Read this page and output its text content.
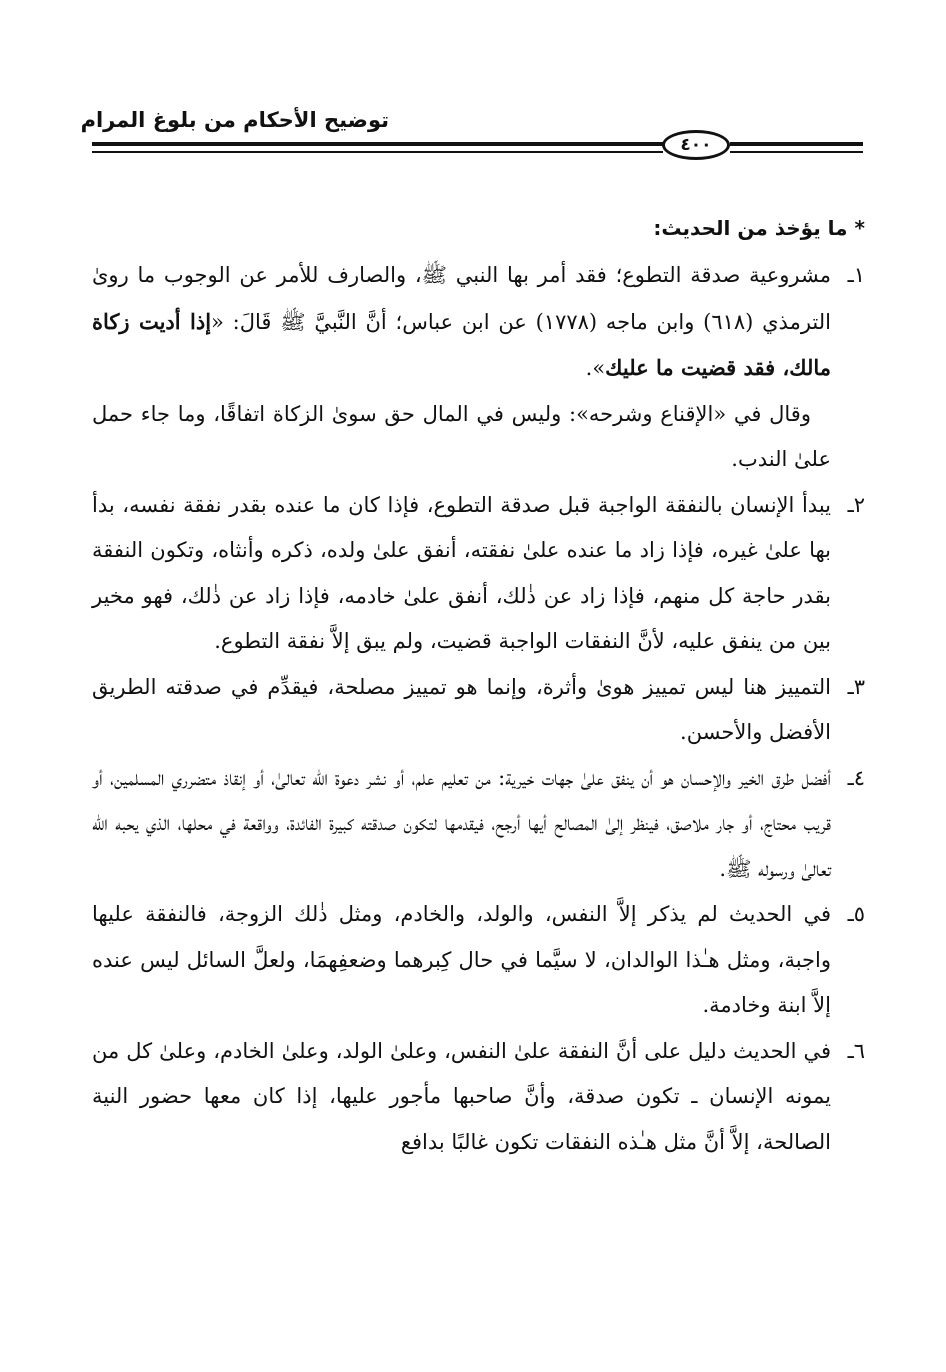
توضيح الأحكام من بلوغ المرام
٤٠٠
* ما يؤخذ من الحديث:
١ـ
مشروعية صدقة التطوع؛ فقد أمر بها النبي ﷺ، والصارف للأمر عن الوجوب ما روىٰ الترمذي (٦١٨) وابن ماجه (١٧٧٨) عن ابن عباس؛ أنَّ النَّبيَّ ﷺ قَالَ: «إذا أديت زكاة مالك، فقد قضيت ما عليك».
وقال في «الإقناع وشرحه»: وليس في المال حق سوىٰ الزكاة اتفاقًا، وما جاء حمل علىٰ الندب.
٢ـ
يبدأ الإنسان بالنفقة الواجبة قبل صدقة التطوع، فإذا كان ما عنده بقدر نفقة نفسه، بدأ بها علىٰ غيره، فإذا زاد ما عنده علىٰ نفقته، أنفق علىٰ ولده، ذكره وأنثاه، وتكون النفقة بقدر حاجة كل منهم، فإذا زاد عن ذٰلك، أنفق علىٰ خادمه، فإذا زاد عن ذٰلك، فهو مخير بين من ينفق عليه، لأنَّ النفقات الواجبة قضيت، ولم يبق إلاَّ نفقة التطوع.
٣ـ
التمييز هنا ليس تمييز هوىٰ وأثرة، وإنما هو تمييز مصلحة، فيقدِّم في صدقته الطريق الأفضل والأحسن.
٤ـ
أفضل طرق الخير والإحسان هو أن ينفق علىٰ جهات خيرية: من تعليم علم، أو نشر دعوة الله تعالىٰ، أو إنقاذ متضرري المسلمين، أو قريب محتاج، أو جار ملاصق، فينظر إلىٰ المصالح أيها أرجح، فيقدمها لتكون صدقته كبيرة الفائدة، وواقعة في محلها، الذي يحبه الله تعالىٰ ورسوله ﷺ.
٥ـ
في الحديث لم يذكر إلاَّ النفس، والولد، والخادم، ومثل ذٰلك الزوجة، فالنفقة عليها واجبة، ومثل هـٰذا الوالدان، لا سيَّما في حال كِبرهما وضعفِهمَا، ولعلَّ السائل ليس عنده إلاَّ ابنة وخادمة.
٦ـ
في الحديث دليل على أنَّ النفقة علىٰ النفس، وعلىٰ الولد، وعلىٰ الخادم، وعلىٰ كل من يمونه الإنسان ـ تكون صدقة، وأنَّ صاحبها مأجور عليها، إذا كان معها حضور النية الصالحة، إلاَّ أنَّ مثل هـٰذه النفقات تكون غالبًا بدافع
